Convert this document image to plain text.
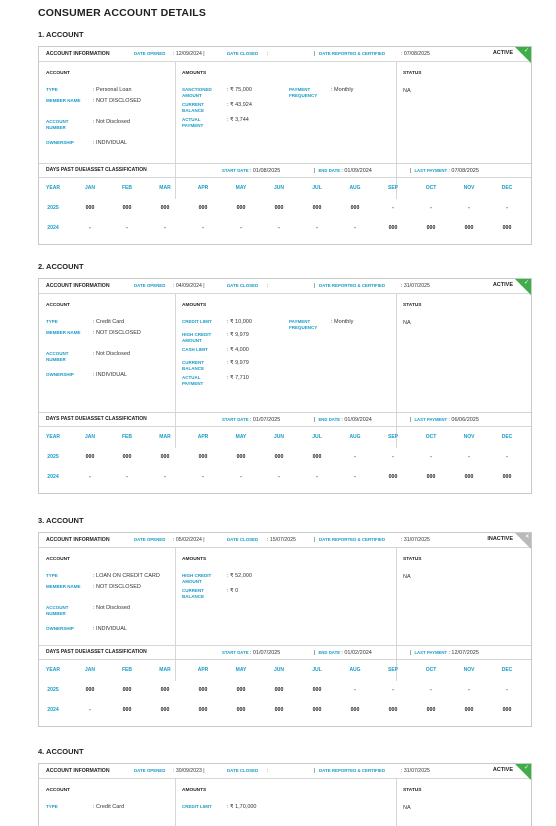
CONSUMER ACCOUNT DETAILS
1. ACCOUNT
ACCOUNT INFORMATION	DATE OPENED : 12/09/2024 |	DATE CLOSED :	| DATE REPORTED & CERTIFIED	: 07/08/2025	ACTIVE ✓
ACCOUNT	AMOUNTS	STATUS
TYPE	: Personal Loan
MEMBER NAME : NOT DISCLOSED
ACCOUNT NUMBER
: Not Disclosed
OWNERSHIP	: INDIVIDUAL
SANCTIONED AMOUNT
: ₹ 75,000
CURRENT BALANCE
: ₹ 43,924
ACTUAL PAYMENT
: ₹ 3,744
PAYMENT FREQUENCY
: Monthly	NA
DAYS PAST DUE/ASSET CLASSIFICATION	START DATE : 01/08/2025	| END DATE : 01/09/2024	| LAST PAYMENT : 07/08/2025
YEAR	JAN	FEB	MAR	APR	MAY	JUN	JUL	AUG	SEP	OCT	NOV	DEC
2025	000	000	000	000	000	000	000	000	-	-	-	-
2024	-	-	-	-	-	-	-	-	000	000	000	000
2. ACCOUNT
ACCOUNT INFORMATION	DATE OPENED : 04/09/2024 |	DATE CLOSED :	| DATE REPORTED & CERTIFIED	: 31/07/2025	ACTIVE ✓
ACCOUNT	AMOUNTS	STATUS
TYPE	: Credit Card
MEMBER NAME : NOT DISCLOSED
ACCOUNT NUMBER
: Not Disclosed
OWNERSHIP	: INDIVIDUAL
CREDIT LIMIT	: ₹ 10,000
HIGH CREDIT AMOUNT
: ₹ 9,979
CASH LIMIT	: ₹ 4,000
CURRENT BALANCE
: ₹ 9,979
ACTUAL PAYMENT
: ₹ 7,710
PAYMENT FREQUENCY
: Monthly	NA
DAYS PAST DUE/ASSET CLASSIFICATION	START DATE : 01/07/2025	| END DATE : 01/09/2024	| LAST PAYMENT : 06/06/2025
YEAR	JAN	FEB	MAR	APR	MAY	JUN	JUL	AUG	SEP	OCT	NOV	DEC
2025	000	000	000	000	000	000	000	-	-	-	-	-
2024	-	-	-	-	-	-	-	-	000	000	000	000
3. ACCOUNT
ACCOUNT INFORMATION	DATE OPENED : 05/02/2024 |	DATE CLOSED : 15/07/2025	| DATE REPORTED & CERTIFIED	: 31/07/2025	INACTIVE ×
ACCOUNT	AMOUNTS	STATUS
TYPE	: LOAN ON CREDIT CARD
MEMBER NAME : NOT DISCLOSED
ACCOUNT NUMBER
: Not Disclosed
OWNERSHIP	: INDIVIDUAL
HIGH CREDIT AMOUNT
: ₹ 52,000
CURRENT BALANCE
: ₹ 0
NA
DAYS PAST DUE/ASSET CLASSIFICATION	START DATE : 01/07/2025	| END DATE : 01/02/2024	| LAST PAYMENT : 12/07/2025
YEAR	JAN	FEB	MAR	APR	MAY	JUN	JUL	AUG	SEP	OCT	NOV	DEC
2025	000	000	000	000	000	000	000	-	-	-	-	-
2024	-	000	000	000	000	000	000	000	000	000	000	000
4. ACCOUNT
ACCOUNT INFORMATION	DATE OPENED : 30/09/2023 |	DATE CLOSED :	| DATE REPORTED & CERTIFIED	: 31/07/2025	ACTIVE ✓
ACCOUNT	AMOUNTS	STATUS
TYPE	: Credit Card	CREDIT LIMIT	: ₹ 1,70,000	NA
